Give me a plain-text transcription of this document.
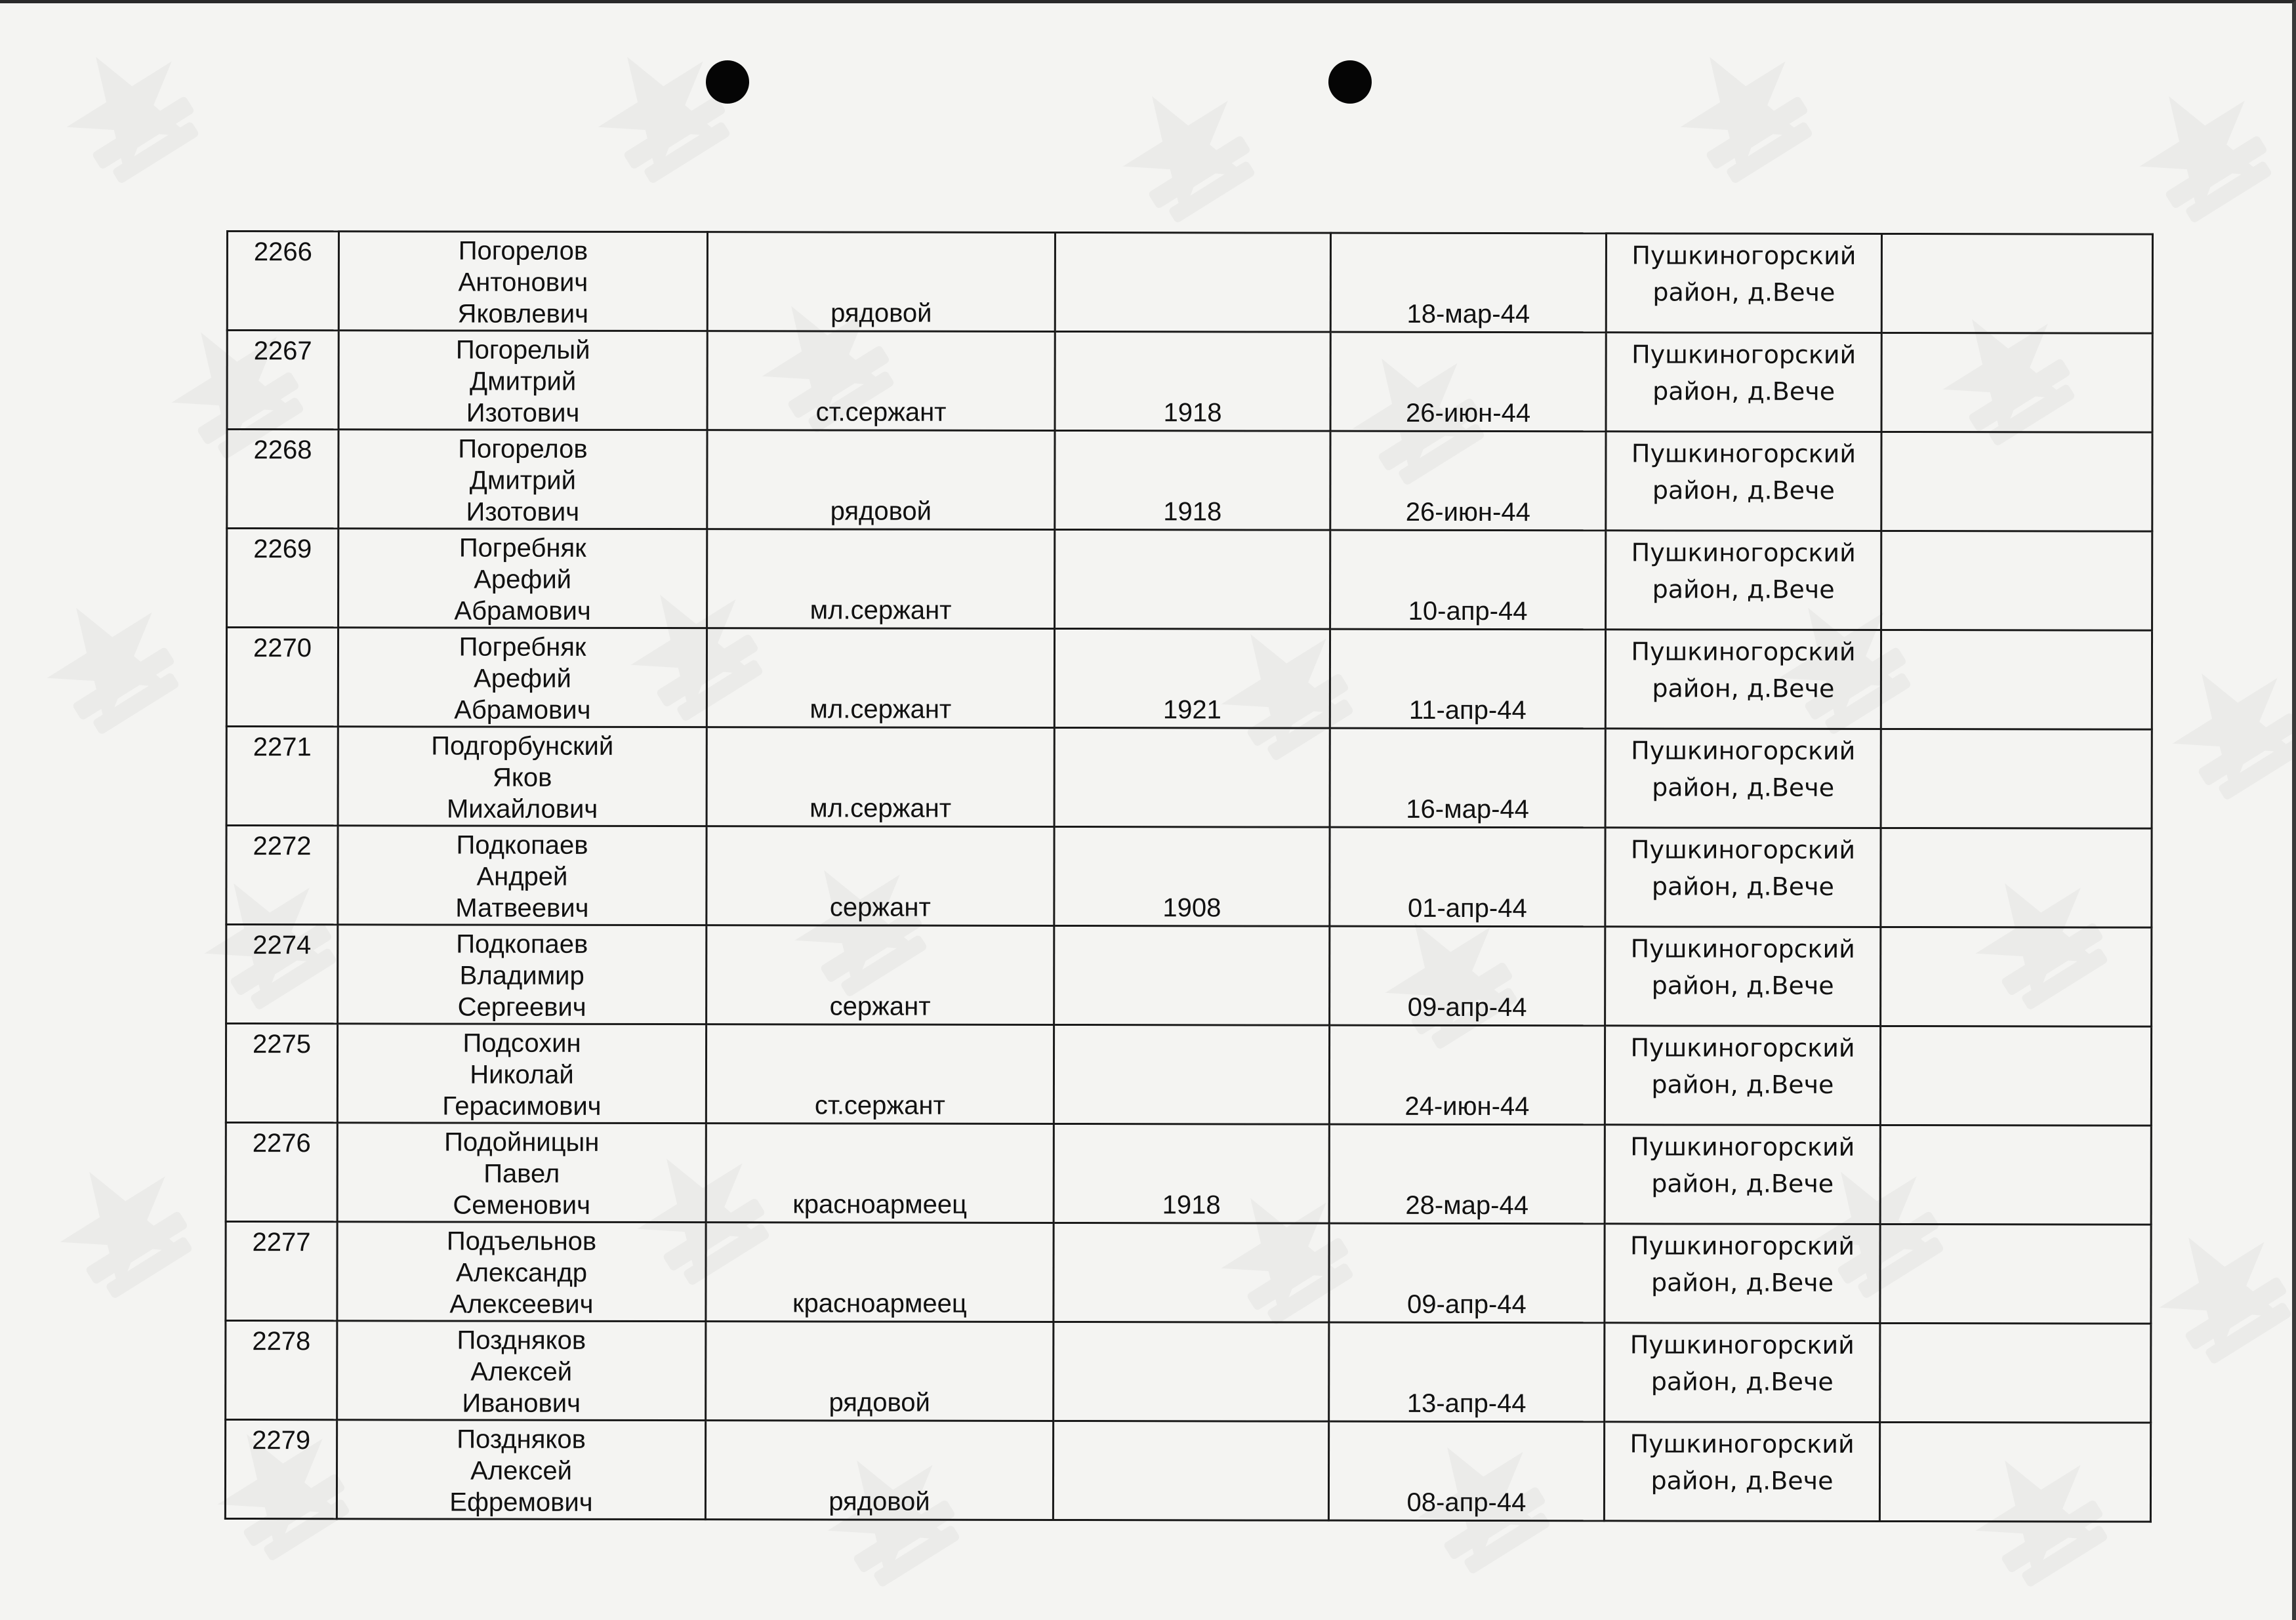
2266	Погорелов
Антонович
Яковлевич	рядовой		18-мар-44	Пушкиногорский
район, д.Вече	

2267	Погорелый
Дмитрий
Изотович	ст.сержант	1918	26-июн-44	Пушкиногорский
район, д.Вече	

2268	Погорелов
Дмитрий
Изотович	рядовой	1918	26-июн-44	Пушкиногорский
район, д.Вече	

2269	Погребняк
Арефий
Абрамович	мл.сержант		10-апр-44	Пушкиногорский
район, д.Вече	

2270	Погребняк
Арефий
Абрамович	мл.сержант	1921	11-апр-44	Пушкиногорский
район, д.Вече	

2271	Подгорбунский
Яков
Михайлович	мл.сержант		16-мар-44	Пушкиногорский
район, д.Вече	

2272	Подкопаев
Андрей
Матвеевич	сержант	1908	01-апр-44	Пушкиногорский
район, д.Вече	

2274	Подкопаев
Владимир
Сергеевич	сержант		09-апр-44	Пушкиногорский
район, д.Вече	

2275	Подсохин
Николай
Герасимович	ст.сержант		24-июн-44	Пушкиногорский
район, д.Вече	

2276	Подойницын
Павел
Семенович	красноармеец	1918	28-мар-44	Пушкиногорский
район, д.Вече	

2277	Подъельнов
Александр
Алексеевич	красноармеец		09-апр-44	Пушкиногорский
район, д.Вече	

2278	Поздняков
Алексей
Иванович	рядовой		13-апр-44	Пушкиногорский
район, д.Вече	

2279	Поздняков
Алексей
Ефремович	рядовой		08-апр-44	Пушкиногорский
район, д.Вече	
